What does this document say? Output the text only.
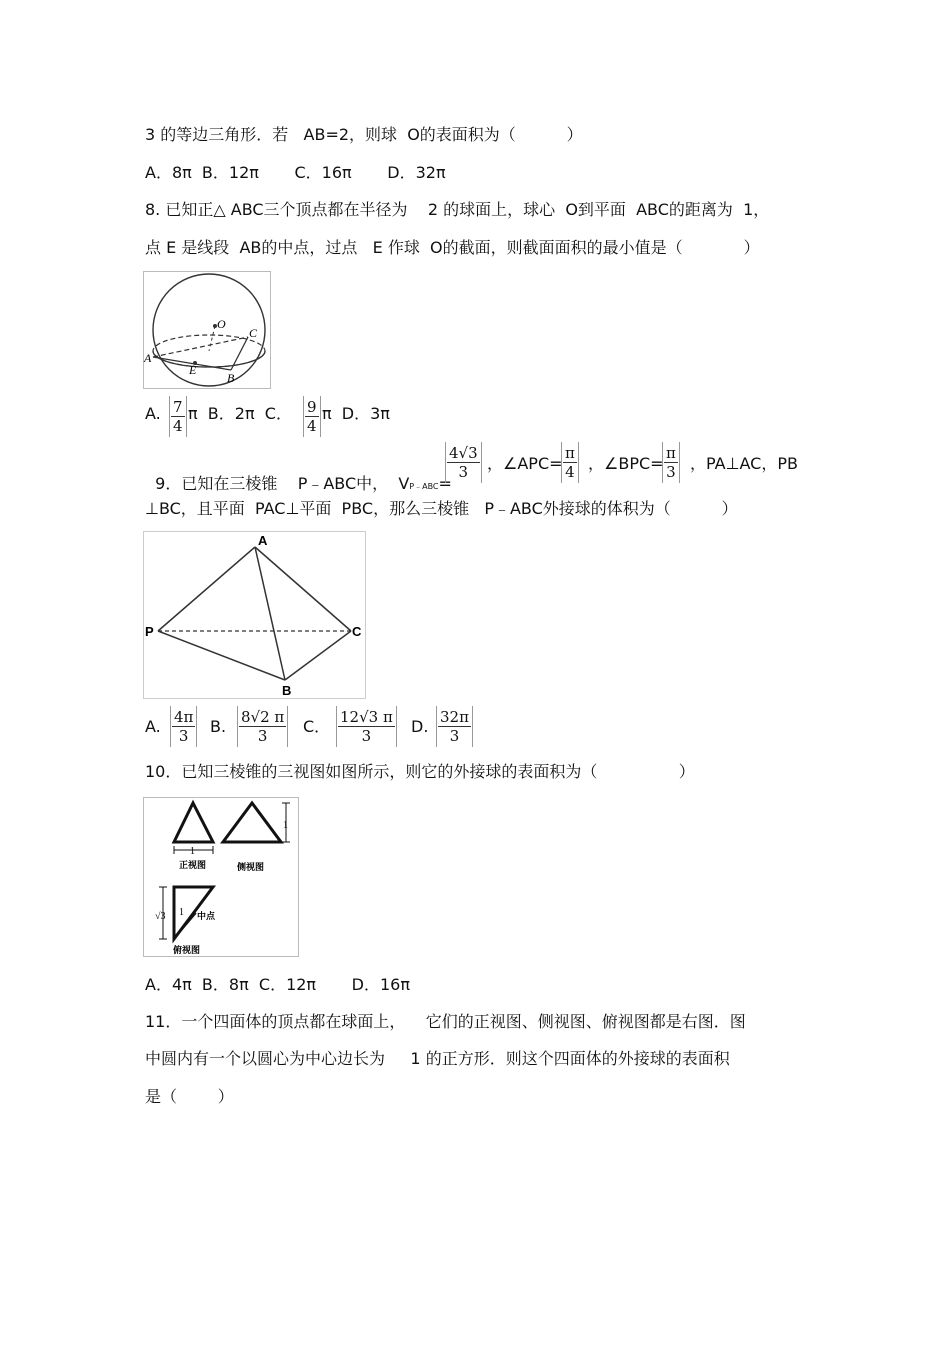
3 的等边三角形．若   AB=2，则球  O的表面积为（          ）
A．8π  B．12π       C．16π       D．32π
8. 已知正△ ABC三个顶点都在半径为    2 的球面上，球心  O到平面  ABC的距离为  1，
点 E 是线段  AB的中点，过点   E 作球  O的截面，则截面面积的最小值是（            ）
O
C
A
E
B
A. $\frac{7}{4}$ π  B．2π  C． $\frac{9}{4}$ π  D．3π

9．已知在三棱锥    P﹣ABC中，  VP﹣ABC=

$\frac{4√3}{3}$ ，∠APC= $\frac{\pi}{4}$ ，∠BPC= $\frac{\pi}{3}$ ，PA⊥AC，PB
⊥BC，且平面  PAC⊥平面  PBC，那么三棱锥   P﹣ABC外接球的体积为（          ）
A
P	C
B
A. $\frac{4\pi}{3} B$. $\frac{8√2 \pi}{3}$ C． $\frac{12√3 \pi}{3} D$. $\frac{32\pi}{3}$
10．已知三棱锥的三视图如图所示，则它的外接球的表面积为（                ）
1
正视图
1
侧视图
√3 1 中点
俯视图
A．4π  B．8π  C．12π       D．16π
11．一个四面体的顶点都在球面上，    它们的正视图、侧视图、俯视图都是右图．图
中圆内有一个以圆心为中心边长为     1 的正方形．则这个四面体的外接球的表面积
是（        ）
